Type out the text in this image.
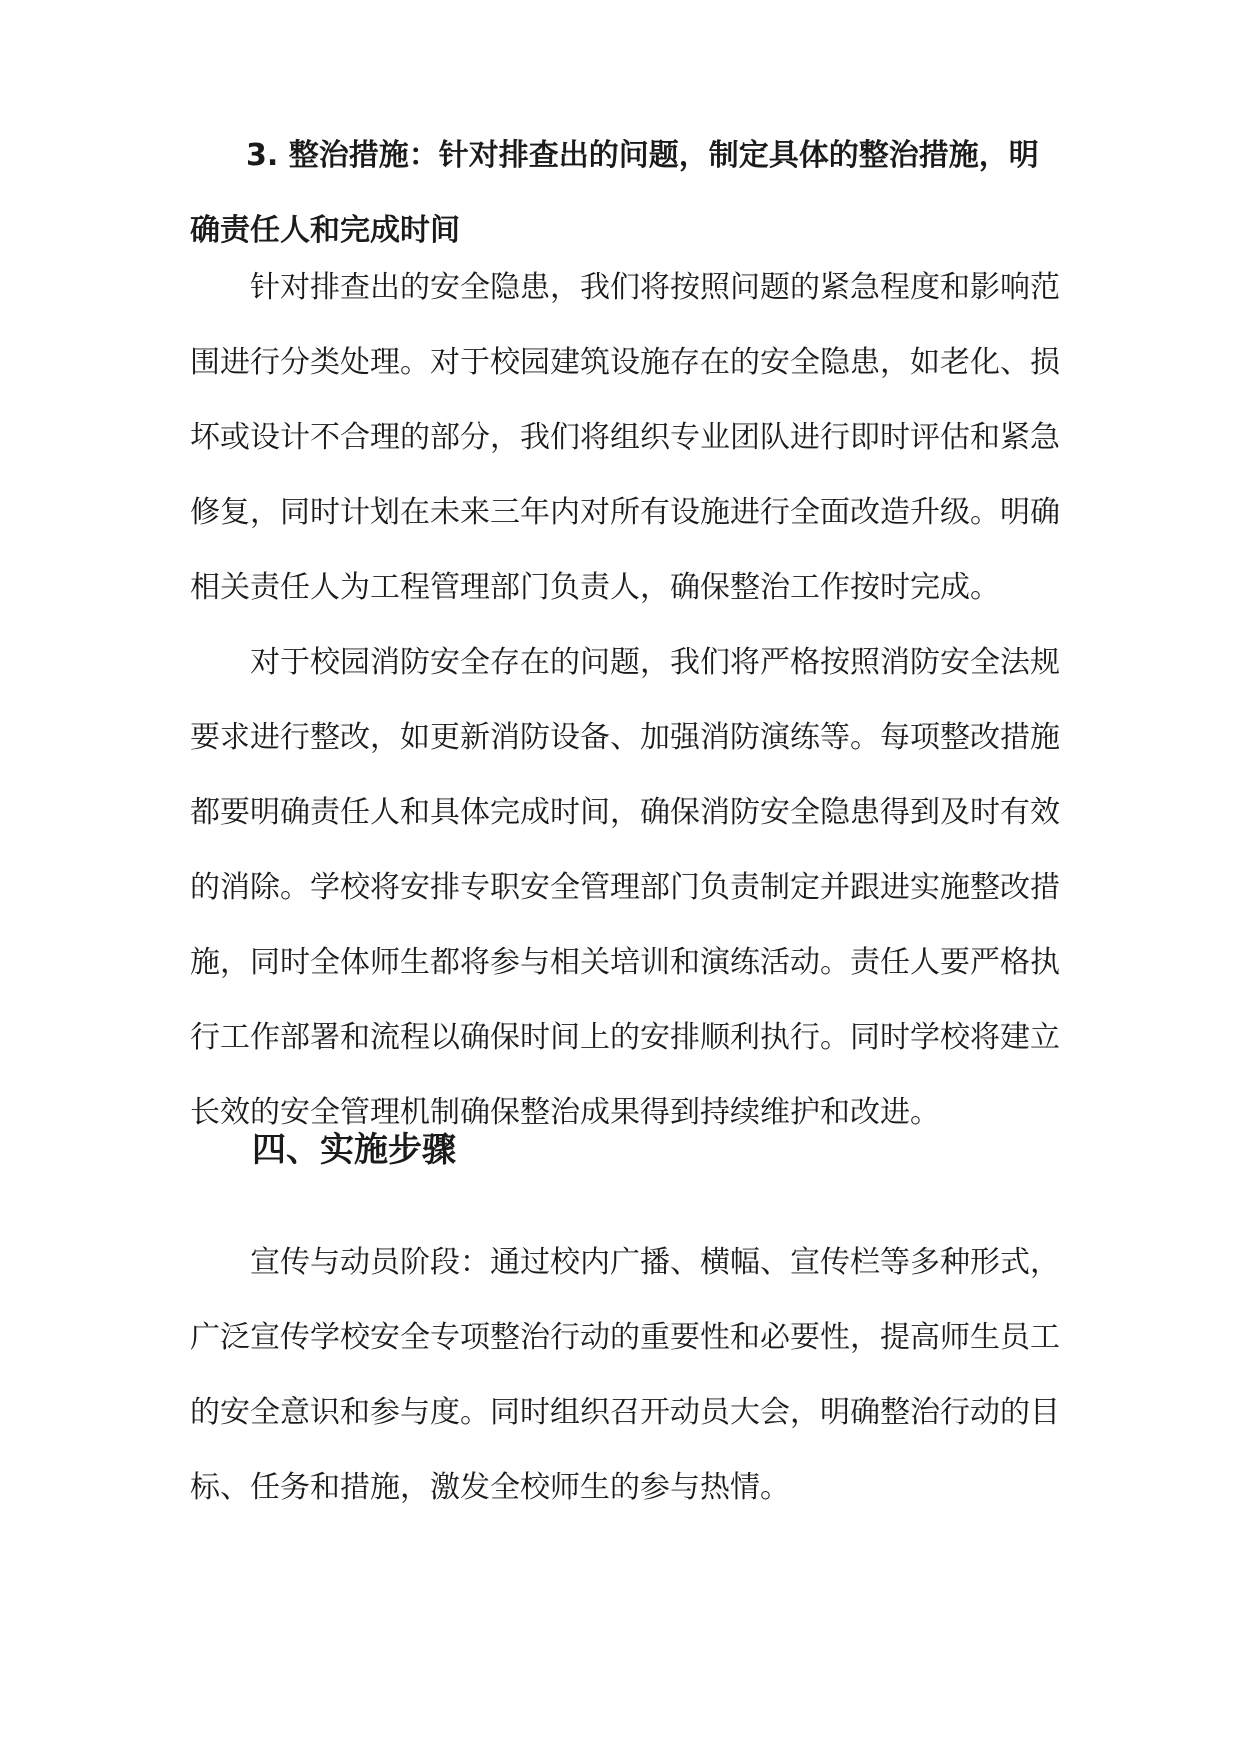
3. 整治措施：针对排查出的问题，制定具体的整治措施，明确责任人和完成时间

针对排查出的安全隐患，我们将按照问题的紧急程度和影响范围进行分类处理。对于校园建筑设施存在的安全隐患，如老化、损坏或设计不合理的部分，我们将组织专业团队进行即时评估和紧急修复，同时计划在未来三年内对所有设施进行全面改造升级。明确相关责任人为工程管理部门负责人，确保整治工作按时完成。

对于校园消防安全存在的问题，我们将严格按照消防安全法规要求进行整改，如更新消防设备、加强消防演练等。每项整改措施都要明确责任人和具体完成时间，确保消防安全隐患得到及时有效的消除。学校将安排专职安全管理部门负责制定并跟进实施整改措施，同时全体师生都将参与相关培训和演练活动。责任人要严格执行工作部署和流程以确保时间上的安排顺利执行。同时学校将建立长效的安全管理机制确保整治成果得到持续维护和改进。

四、实施步骤

宣传与动员阶段：通过校内广播、横幅、宣传栏等多种形式，广泛宣传学校安全专项整治行动的重要性和必要性，提高师生员工的安全意识和参与度。同时组织召开动员大会，明确整治行动的目标、任务和措施，激发全校师生的参与热情。
